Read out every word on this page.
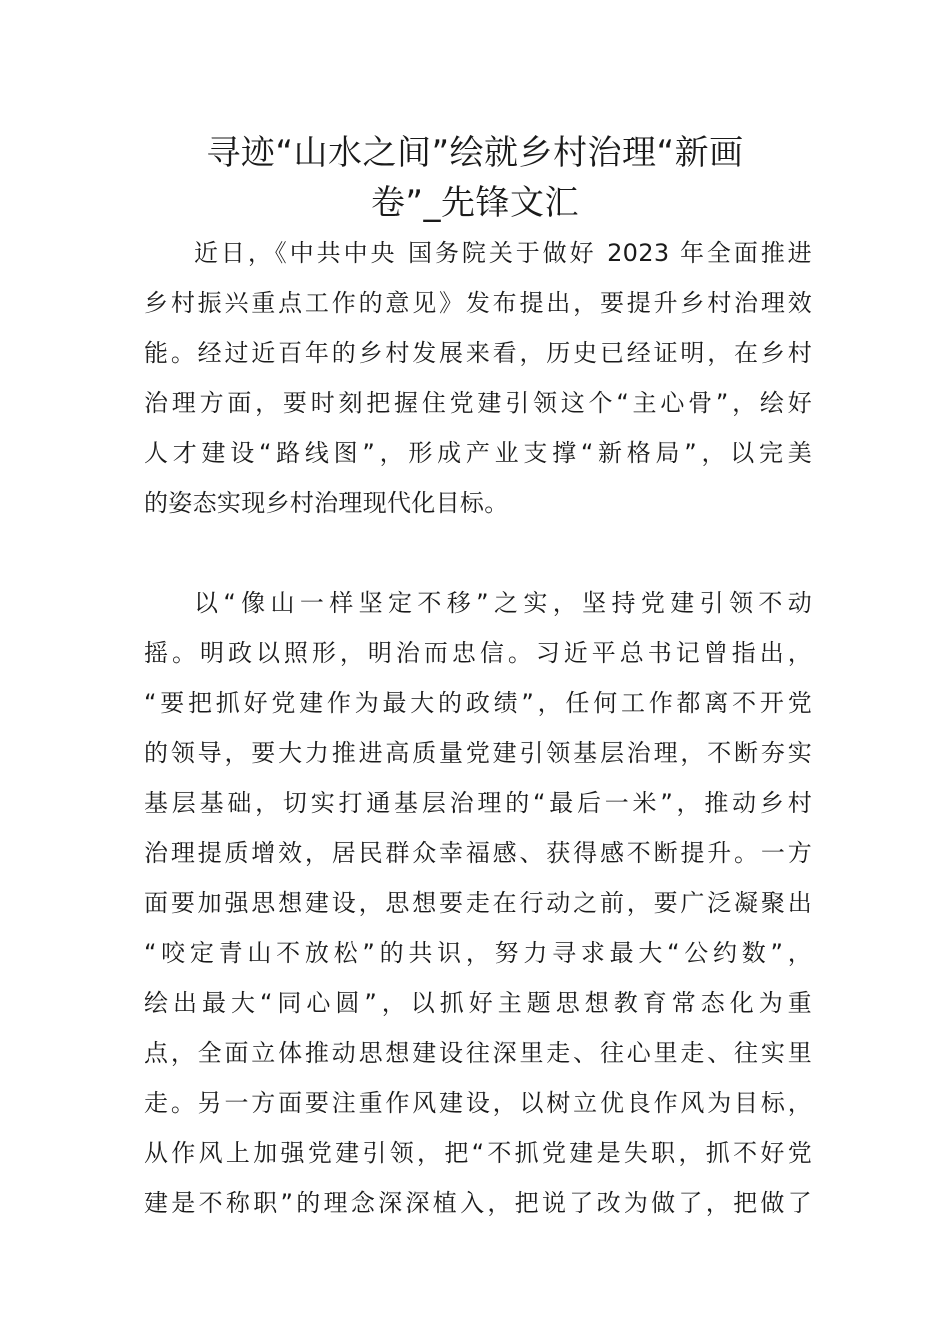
寻迹“山水之间”绘就乡村治理“新画
卷”_先锋文汇
近日，《中共中央 国务院关于做好 2023 年全面推进
乡村振兴重点工作的意见》发布提出，要提升乡村治理效
能。经过近百年的乡村发展来看，历史已经证明，在乡村
治理方面，要时刻把握住党建引领这个“主心骨”，绘好
人才建设“路线图”，形成产业支撑“新格局”，以完美
的姿态实现乡村治理现代化目标。
以“像山一样坚定不移”之实，坚持党建引领不动
摇。明政以照形，明治而忠信。习近平总书记曾指出，
“要把抓好党建作为最大的政绩”，任何工作都离不开党
的领导，要大力推进高质量党建引领基层治理，不断夯实
基层基础，切实打通基层治理的“最后一米”，推动乡村
治理提质增效，居民群众幸福感、获得感不断提升。一方
面要加强思想建设，思想要走在行动之前，要广泛凝聚出
“咬定青山不放松”的共识，努力寻求最大“公约数”，
绘出最大“同心圆”，以抓好主题思想教育常态化为重
点，全面立体推动思想建设往深里走、往心里走、往实里
走。另一方面要注重作风建设，以树立优良作风为目标，
从作风上加强党建引领，把“不抓党建是失职，抓不好党
建是不称职”的理念深深植入，把说了改为做了，把做了
